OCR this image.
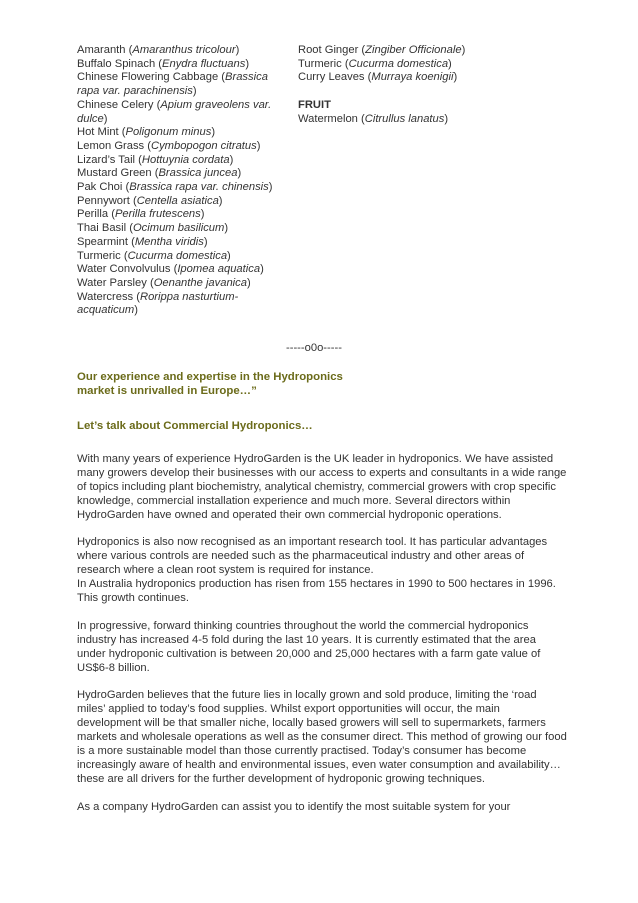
Amaranth (Amaranthus tricolour)

Buffalo Spinach (Enydra fluctuans)

Chinese Flowering Cabbage (Brassica rapa var. parachinensis)

Chinese Celery (Apium graveolens var. dulce)

Hot Mint (Poligonum minus)

Lemon Grass (Cymbopogon citratus)

Lizard’s Tail (Hottuynia cordata)

Mustard Green (Brassica juncea)

Pak Choi (Brassica rapa var. chinensis)

Pennywort (Centella asiatica)

Perilla (Perilla frutescens)

Thai Basil (Ocimum basilicum)

Spearmint (Mentha viridis)

Turmeric (Cucurma domestica)

Water Convolvulus (Ipomea aquatica)

Water Parsley (Oenanthe javanica)

Watercress (Rorippa nasturtium-acquaticum)

Root Ginger (Zingiber Officionale)

Turmeric (Cucurma domestica)

Curry Leaves (Murraya koenigii)

FRUIT

Watermelon (Citrullus lanatus)

-----o0o-----
Our experience and expertise in the Hydroponics market is unrivalled in Europe…”
Let’s talk about Commercial Hydroponics…

With many years of experience HydroGarden is the UK leader in hydroponics. We have assisted many growers develop their businesses with our access to experts and consultants in a wide range of topics including plant biochemistry, analytical chemistry, commercial growers with crop specific knowledge, commercial installation experience and much more. Several directors within HydroGarden have owned and operated their own commercial hydroponic operations.

Hydroponics is also now recognised as an important research tool. It has particular advantages where various controls are needed such as the pharmaceutical industry and other areas of research where a clean root system is required for instance.
In Australia hydroponics production has risen from 155 hectares in 1990 to 500 hectares in 1996. This growth continues.

In progressive, forward thinking countries throughout the world the commercial hydroponics industry has increased 4-5 fold during the last 10 years. It is currently estimated that the area under hydroponic cultivation is between 20,000 and 25,000 hectares with a farm gate value of US$6-8 billion.

HydroGarden believes that the future lies in locally grown and sold produce, limiting the ‘road miles’ applied to today’s food supplies. Whilst export opportunities will occur, the main development will be that smaller niche, locally based growers will sell to supermarkets, farmers markets and wholesale operations as well as the consumer direct. This method of growing our food is a more sustainable model than those currently practised. Today’s consumer has become increasingly aware of health and environmental issues, even water consumption and availability…these are all drivers for the further development of hydroponic growing techniques.

As a company HydroGarden can assist you to identify the most suitable system for your
